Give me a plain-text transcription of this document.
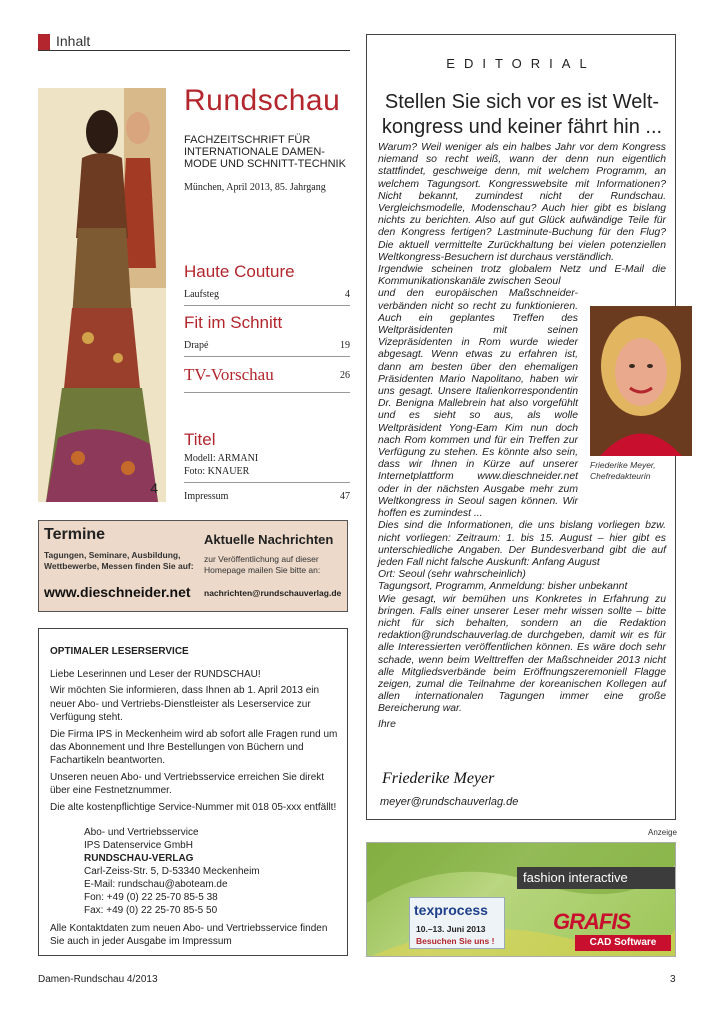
Inhalt
4
Rundschau
FACHZEITSCHRIFT FÜR INTERNATIONALE DAMEN-MODE UND SCHNITT-TECHNIK
München, April 2013, 85. Jahrgang
Haute Couture
Laufsteg	4
Fit im Schnitt
Drapé	19
TV-Vorschau	26
Titel
Modell: ARMANI
Foto: KNAUER
Impressum	47
EDITORIAL
Stellen Sie sich vor es ist Welt-kongress und keiner fährt hin ...

Warum? Weil weniger als ein halbes Jahr vor dem Kongress niemand so recht weiß, wann der denn nun eigentlich stattfindet, geschweige denn, mit welchem Programm, an welchem Tagungsort. Kongresswebsite mit Informationen? Nicht bekannt, zumindest nicht der Rundschau. Vergleichsmodelle, Modenschau? Auch hier gibt es bislang nichts zu berichten. Also auf gut Glück aufwändige Teile für den Kongress fertigen? Lastminute-Buchung für den Flug? Die aktuell vermittelte Zurückhaltung bei vielen potenziellen Weltkongress-Besuchern ist durchaus verständlich.

Irgendwie scheinen trotz globalem Netz und E-Mail die Kommunikationskanäle zwischen Seoul

und den europäischen Maßschneider-verbänden nicht so recht zu funktionieren. Auch ein geplantes Treffen des Weltpräsidenten mit seinen Vizepräsidenten in Rom wurde wieder abgesagt. Wenn etwas zu erfahren ist, dann am besten über den ehemaligen Präsidenten Mario Napolitano, haben wir uns gesagt. Unsere Italienkorrespondentin Dr. Benigna Mallebrein hat also vorgefühlt und es sieht so aus, als wolle Weltpräsident Yong-Eam Kim nun doch nach Rom kommen und für ein Treffen zur Verfügung zu stehen. Es könnte also sein, dass wir Ihnen in Kürze auf unserer Internetplattform www.dieschneider.net oder in der nächsten Ausgabe mehr zum Weltkongress in Seoul sagen können. Wir hoffen es zumindest ...

Dies sind die Informationen, die uns bislang vorliegen bzw. nicht vorliegen: Zeitraum: 1. bis 15. August – hier gibt es unterschiedliche Angaben. Der Bundesverband gibt die auf jeden Fall nicht falsche Auskunft: Anfang August

Ort: Seoul (sehr wahrscheinlich)

Tagungsort, Programm, Anmeldung: bisher unbekannt

Wie gesagt, wir bemühen uns Konkretes in Erfahrung zu bringen. Falls einer unserer Leser mehr wissen sollte – bitte nicht für sich behalten, sondern an die Redaktion redaktion@rundschauverlag.de durchgeben, damit wir es für alle Interessierten veröffentlichen können. Es wäre doch sehr schade, wenn beim Welttreffen der Maßschneider 2013 nicht alle Mitgliedsverbände beim Eröffnungszeremoniell Flagge zeigen, zumal die Teilnahme der koreanischen Kollegen auf allen internationalen Tagungen immer eine große Bereicherung war.

Ihre

Friederike Meyer,
Chefredakteurin
Friederike Meyer
meyer@rundschauverlag.de
Termine
Tagungen, Seminare, Ausbildung, Wettbewerbe, Messen finden Sie auf:
www.dieschneider.net
Aktuelle Nachrichten
zur Veröffentlichung auf dieser Homepage mailen Sie bitte an:
nachrichten@rundschauverlag.de
OPTIMALER LESERSERVICE

Liebe Leserinnen und Leser der RUNDSCHAU!

Wir möchten Sie informieren, dass Ihnen ab 1. April 2013 ein neuer Abo- und Vertriebs-Dienstleister als Leserservice zur Verfügung steht.

Die Firma IPS in Meckenheim wird ab sofort alle Fragen rund um das Abonnement und Ihre Bestellungen von Büchern und Fachartikeln beantworten.

Unseren neuen Abo- und Vertriebsservice erreichen Sie direkt über eine Festnetznummer.

Die alte kostenpflichtige Service-Nummer mit 018 05-xxx entfällt!

Abo- und Vertriebsservice
IPS Datenservice GmbH
RUNDSCHAU-VERLAG
Carl-Zeiss-Str. 5, D-53340 Meckenheim
E-Mail: rundschau@aboteam.de
Fon: +49 (0) 22 25-70 85-5 38
Fax: +49 (0) 22 25-70 85-5 50
Alle Kontaktdaten zum neuen Abo- und Vertriebsservice finden Sie auch in jeder Ausgabe im Impressum
Anzeige
fashion interactive
texprocess
10.–13. Juni 2013
Besuchen Sie uns !
GRAFIS
CAD Software
Damen-Rundschau 4/2013	3
